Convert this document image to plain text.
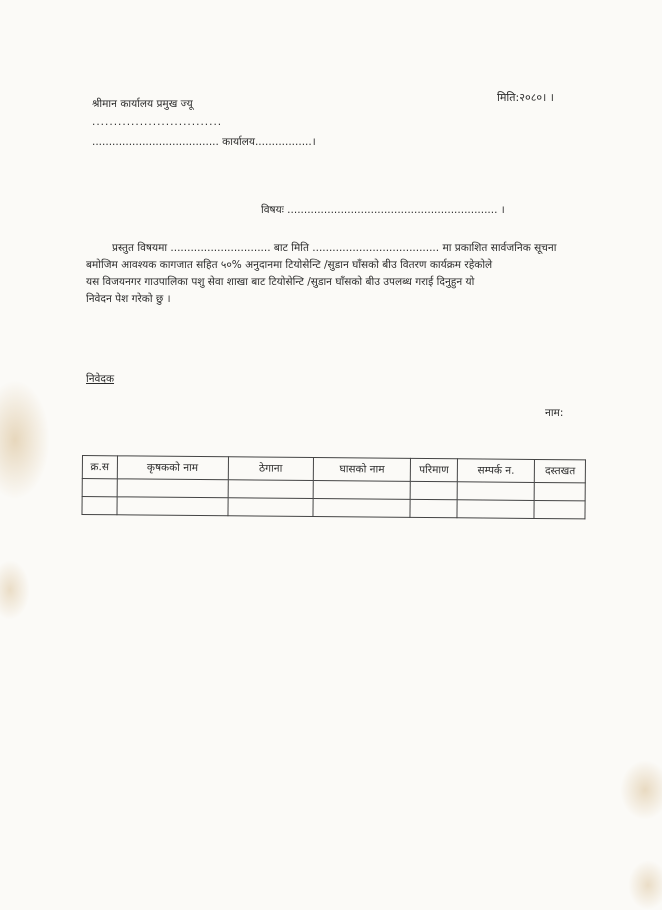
मिति:२०८०। ।
श्रीमान कार्यालय प्रमुख ज्यू
..............................
...................................... कार्यालय.................।
विषयः ............................................................... ।
प्रस्तुत विषयमा .............................. बाट मिति ...................................... मा प्रकाशित सार्वजनिक सूचना
बमोजिम आवश्यक कागजात सहित ५०% अनुदानमा टियोसेन्टि /सुडान घाँसको बीउ वितरण कार्यक्रम रहेकोले
यस विजयनगर गाउपालिका पशु सेवा शाखा बाट टियोसेन्टि /सुडान घाँसको बीउ उपलब्ध गराई दिनुहुन यो
निवेदन पेश गरेको छु ।
निवेदक
नाम:
क्र.स	कृषकको नाम	ठेगाना	घासको नाम	परिमाण	सम्पर्क न.	दस्तखत
